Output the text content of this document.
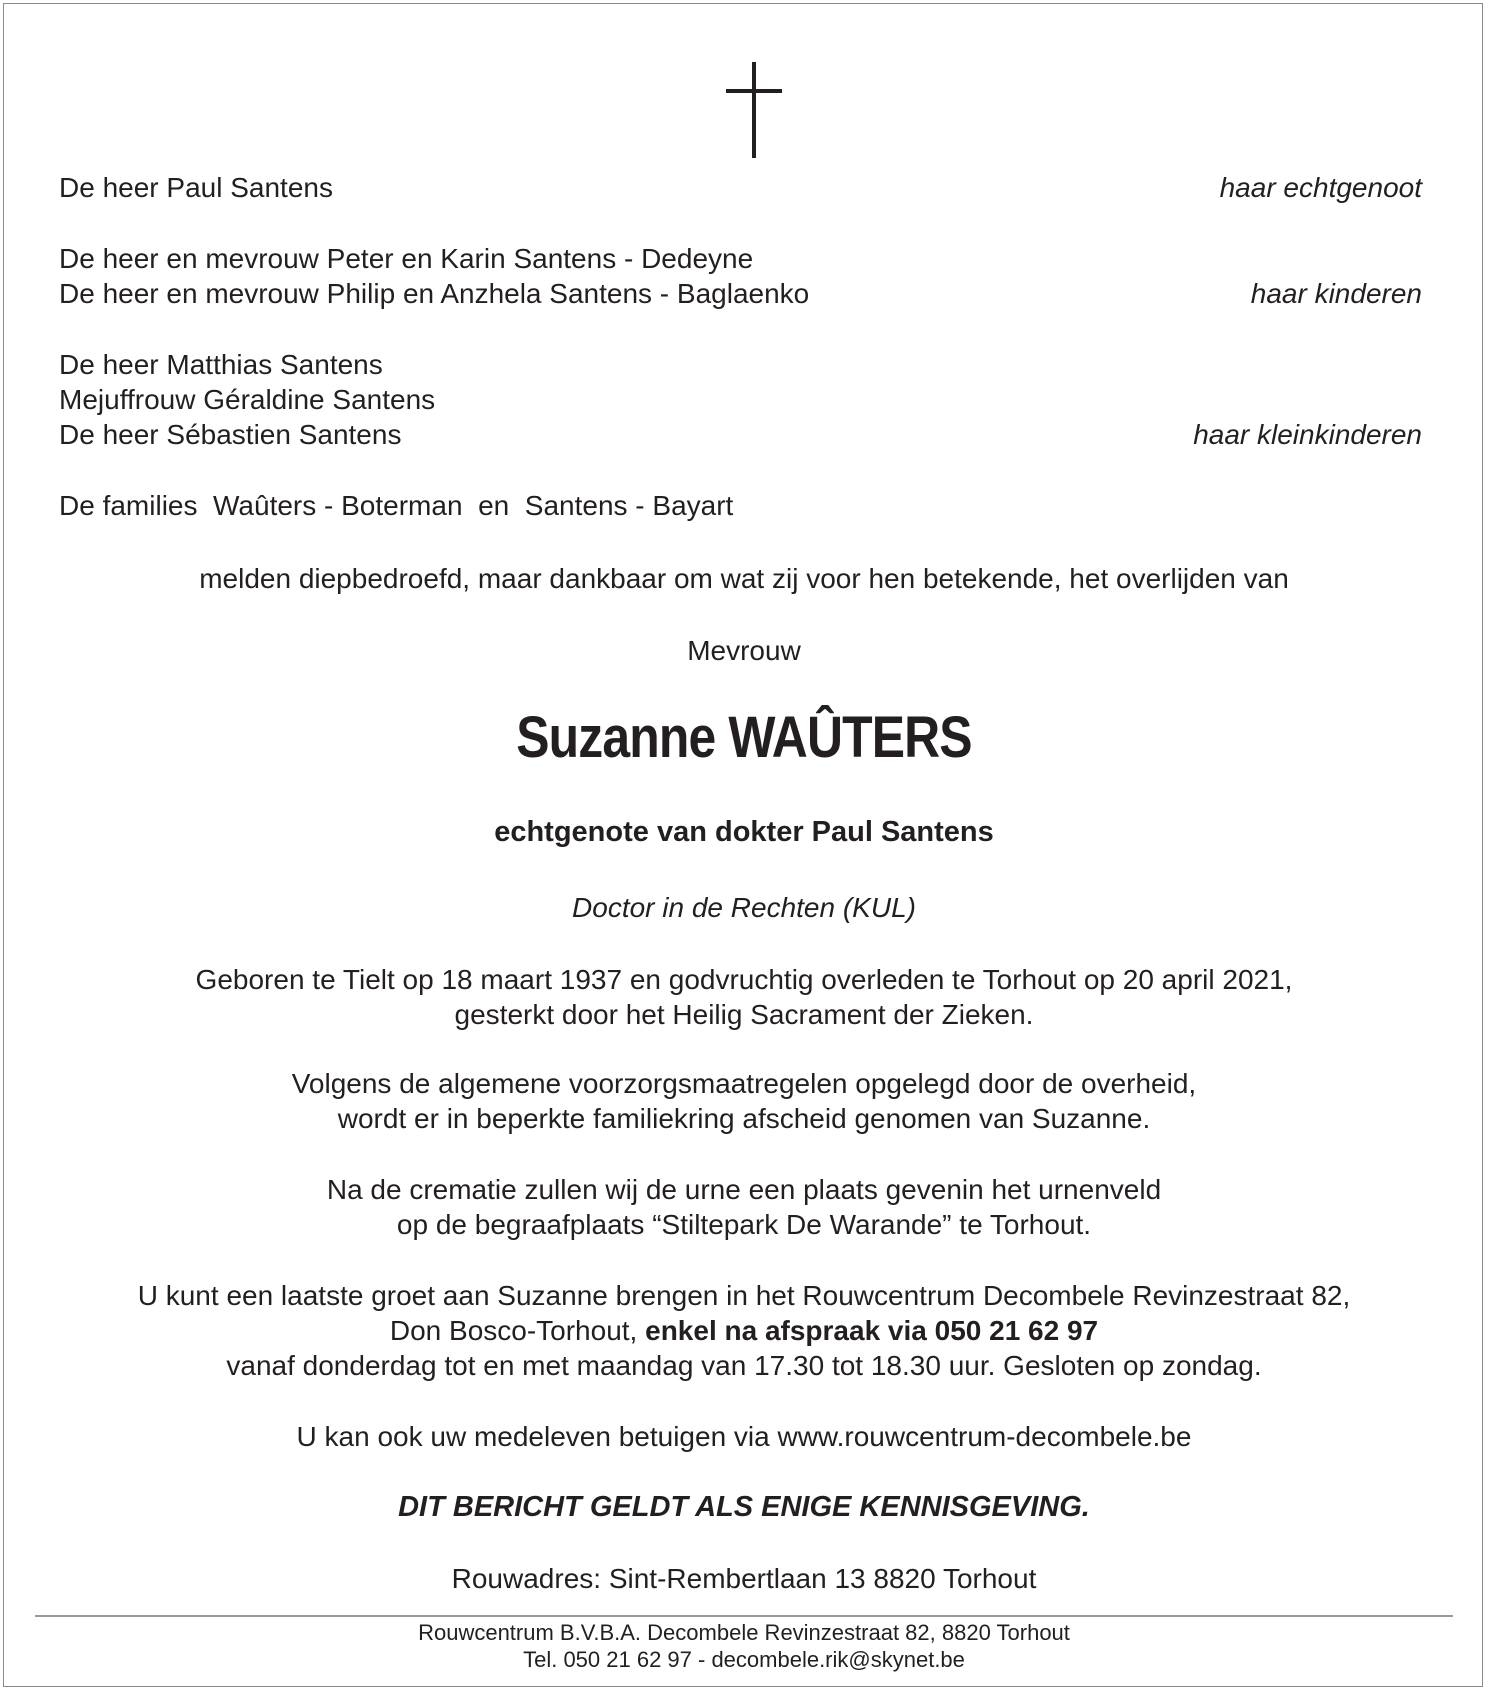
De heer Paul Santens	haar echtgenoot
De heer en mevrouw Peter en Karin Santens - Dedeyne
De heer en mevrouw Philip en Anzhela Santens - Baglaenko	haar kinderen
De heer Matthias Santens
Mejuffrouw Géraldine Santens
De heer Sébastien Santens	haar kleinkinderen
De families  Waûters - Boterman  en  Santens - Bayart
melden diepbedroefd, maar dankbaar om wat zij voor hen betekende, het overlijden van
Mevrouw
Suzanne WAÛTERS
echtgenote van dokter Paul Santens
Doctor in de Rechten (KUL)
Geboren te Tielt op 18 maart 1937 en godvruchtig overleden te Torhout op 20 april 2021,
gesterkt door het Heilig Sacrament der Zieken.
Volgens de algemene voorzorgsmaatregelen opgelegd door de overheid,
wordt er in beperkte familiekring afscheid genomen van Suzanne.
Na de crematie zullen wij de urne een plaats gevenin het urnenveld
op de begraafplaats “Stiltepark De Warande” te Torhout.
U kunt een laatste groet aan Suzanne brengen in het Rouwcentrum Decombele Revinzestraat 82,
Don Bosco-Torhout, enkel na afspraak via 050 21 62 97
vanaf donderdag tot en met maandag van 17.30 tot 18.30 uur. Gesloten op zondag.
U kan ook uw medeleven betuigen via www.rouwcentrum-decombele.be
DIT BERICHT GELDT ALS ENIGE KENNISGEVING.
Rouwadres: Sint-Rembertlaan 13 8820 Torhout
Rouwcentrum B.V.B.A. Decombele Revinzestraat 82, 8820 Torhout
Tel. 050 21 62 97 - decombele.rik@skynet.be
